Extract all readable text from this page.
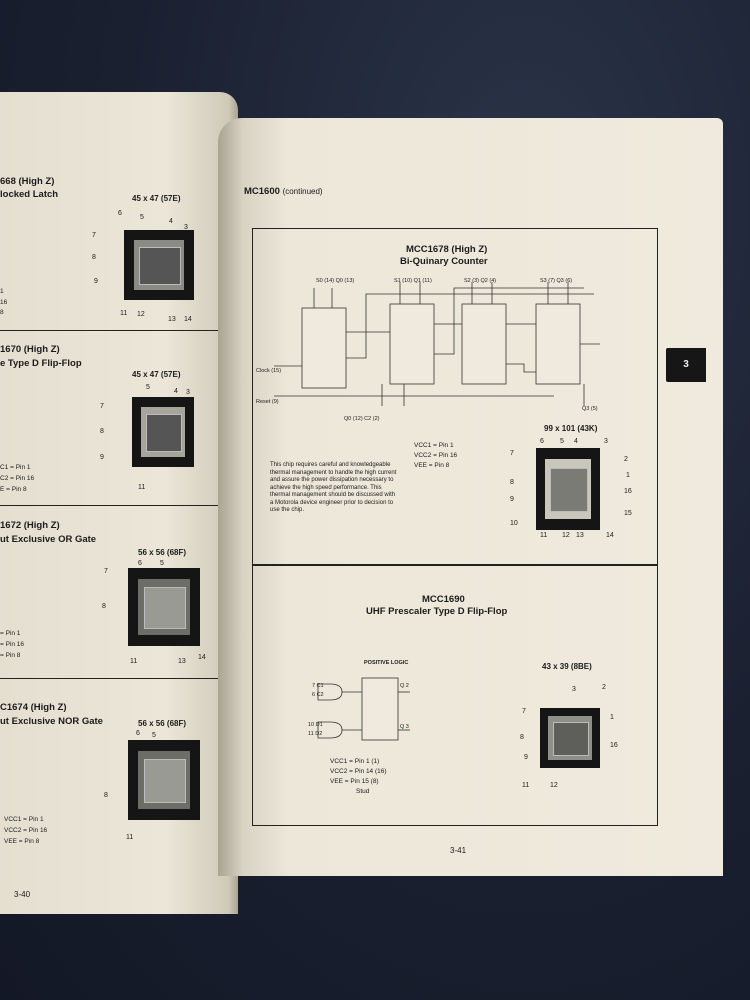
668 (High Z)
locked Latch	45 x 47 (57E)
6
5
4
3
7
8
9
11 12
13 14
1
16
8
1670 (High Z)
e Type D Flip-Flop
45 x 47 (57E)
5
4 3
7
8
9
11
C1 = Pin 1
C2 = Pin 16
E = Pin 8
1672 (High Z)
ut Exclusive OR Gate
56 x 56 (68F)
6	5
7
8
11	13
14
= Pin 1
= Pin 16
= Pin 8
C1674 (High Z)
ut Exclusive NOR Gate	56 x 56 (68F)
6 5
8
11
VCC1 = Pin 1
VCC2 = Pin 16
VEE = Pin 8
3-40
MC1600 (continued)
MCC1678 (High Z)
Bi-Quinary Counter
S0 (14) Q0 (13)	S1 (10) Q1 (11)	S2 (3) Q2 (4)	S3 (7) Q3 (6)
Clock (15)
Reset (9)
Q0 (12) C2 (2)
Q3 (5)
VCC1 = Pin 1
VCC2 = Pin 16
VEE = Pin 8
This chip requires careful and knowledgeable thermal management to handle the high current and assure the power dissipation necessary to achieve the high speed performance. This thermal management should be discussed with a Motorola device engineer prior to decision to use the chip.
99 x 101 (43K)
6 5 4	3
7
2
1
8
16
9
15
10
11 12 13	14
MCC1690
UHF Prescaler Type D Flip-Flop
POSITIVE LOGIC
7 C1
6 C2
10 D1
11 D2
Q 2
Q 3
VCC1 = Pin 1 (1)
VCC2 = Pin 14 (16)
VEE = Pin 15 (8)
Stud
43 x 39 (8BE)
2
3
1
7
8
16
9
11	12
3-41
3
